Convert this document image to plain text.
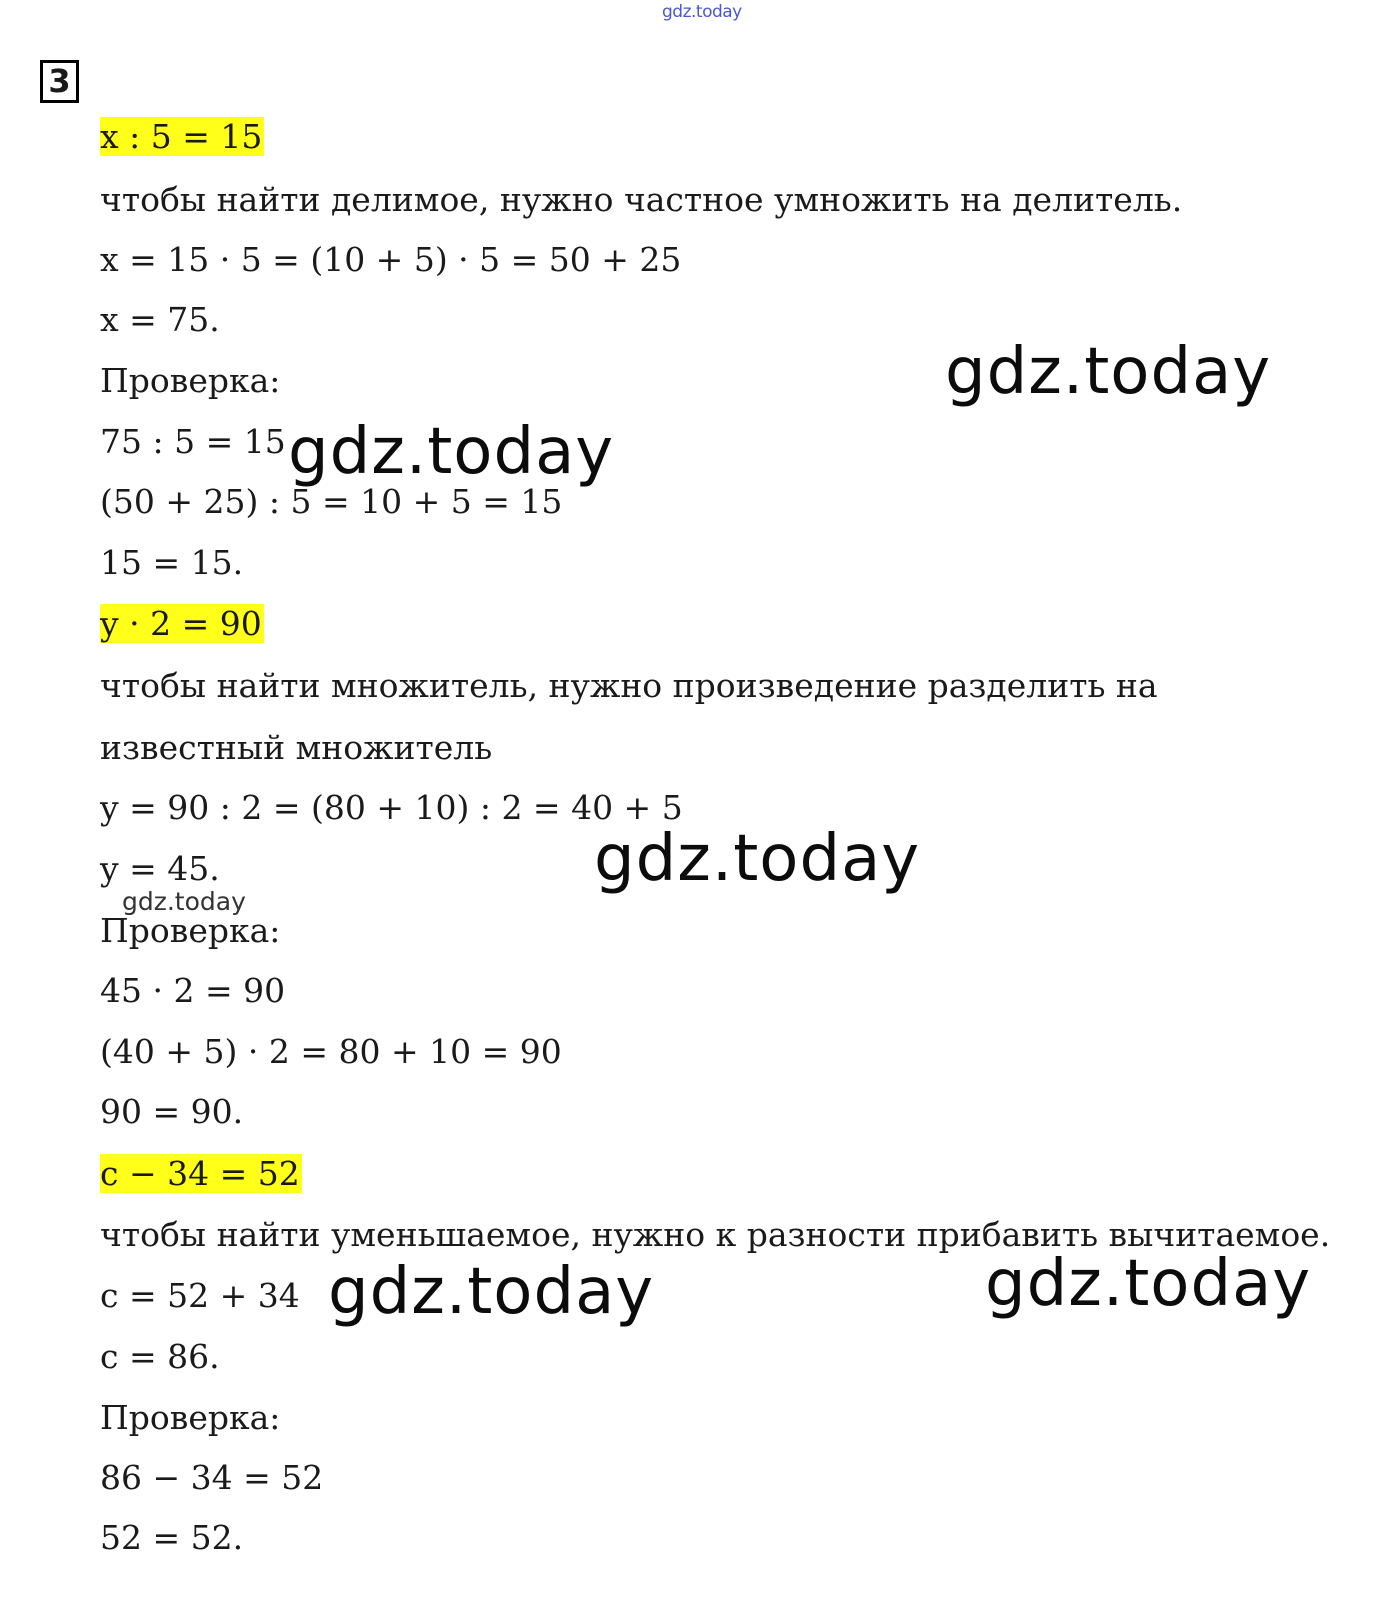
gdz.today
3
x : 5 = 15
чтобы найти делимое, нужно частное умножить на делитель.
x = 15 · 5 = (10 + 5) · 5 = 50 + 25
x = 75.
Проверка:
75 : 5 = 15
(50 + 25) : 5 = 10 + 5 = 15
15 = 15.
y · 2 = 90
чтобы найти множитель, нужно произведение разделить на
известный множитель
y = 90 : 2 = (80 + 10) : 2 = 40 + 5
y = 45.
Проверка:
45 · 2 = 90
(40 + 5) · 2 = 80 + 10 = 90
90 = 90.
c − 34 = 52
чтобы найти уменьшаемое, нужно к разности прибавить вычитаемое.
c = 52 + 34
c = 86.
Проверка:
86 − 34 = 52
52 = 52.
gdz.today
gdz.today
gdz.today
gdz.today
gdz.today	gdz.today
